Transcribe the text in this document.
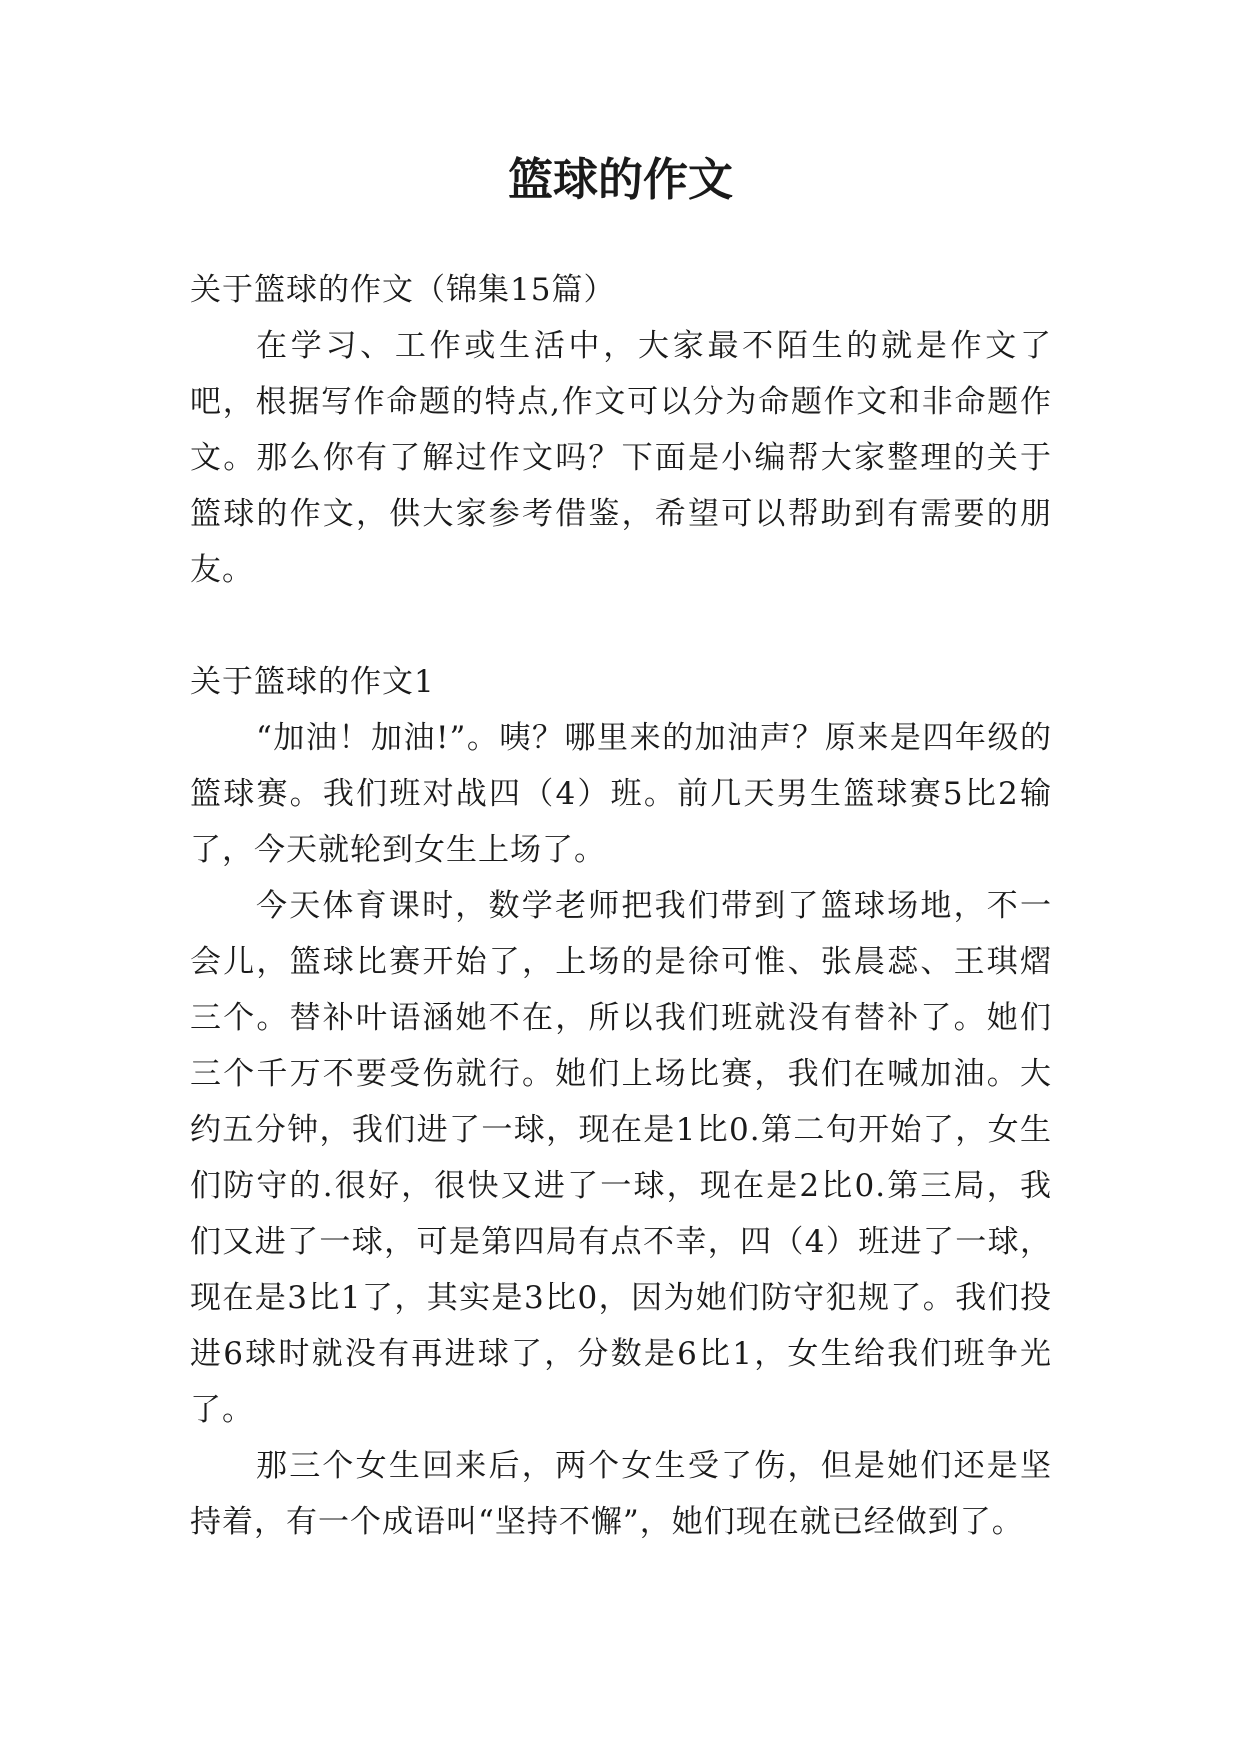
篮球的作文

关于篮球的作文（锦集15篇）

在学习、工作或生活中，大家最不陌生的就是作文了吧，根据写作命题的特点,作文可以分为命题作文和非命题作文。那么你有了解过作文吗？下面是小编帮大家整理的关于篮球的作文，供大家参考借鉴，希望可以帮助到有需要的朋友。

关于篮球的作文1

“加油！加油!”。咦？哪里来的加油声？原来是四年级的篮球赛。我们班对战四（4）班。前几天男生篮球赛5比2输了，今天就轮到女生上场了。

今天体育课时，数学老师把我们带到了篮球场地，不一会儿，篮球比赛开始了，上场的是徐可惟、张晨蕊、王琪熠三个。替补叶语涵她不在，所以我们班就没有替补了。她们三个千万不要受伤就行。她们上场比赛，我们在喊加油。大约五分钟，我们进了一球，现在是1比0.第二句开始了，女生们防守的.很好，很快又进了一球，现在是2比0.第三局，我们又进了一球，可是第四局有点不幸，四（4）班进了一球，现在是3比1了，其实是3比0，因为她们防守犯规了。我们投进6球时就没有再进球了，分数是6比1，女生给我们班争光了。

那三个女生回来后，两个女生受了伤，但是她们还是坚持着，有一个成语叫“坚持不懈”，她们现在就已经做到了。
